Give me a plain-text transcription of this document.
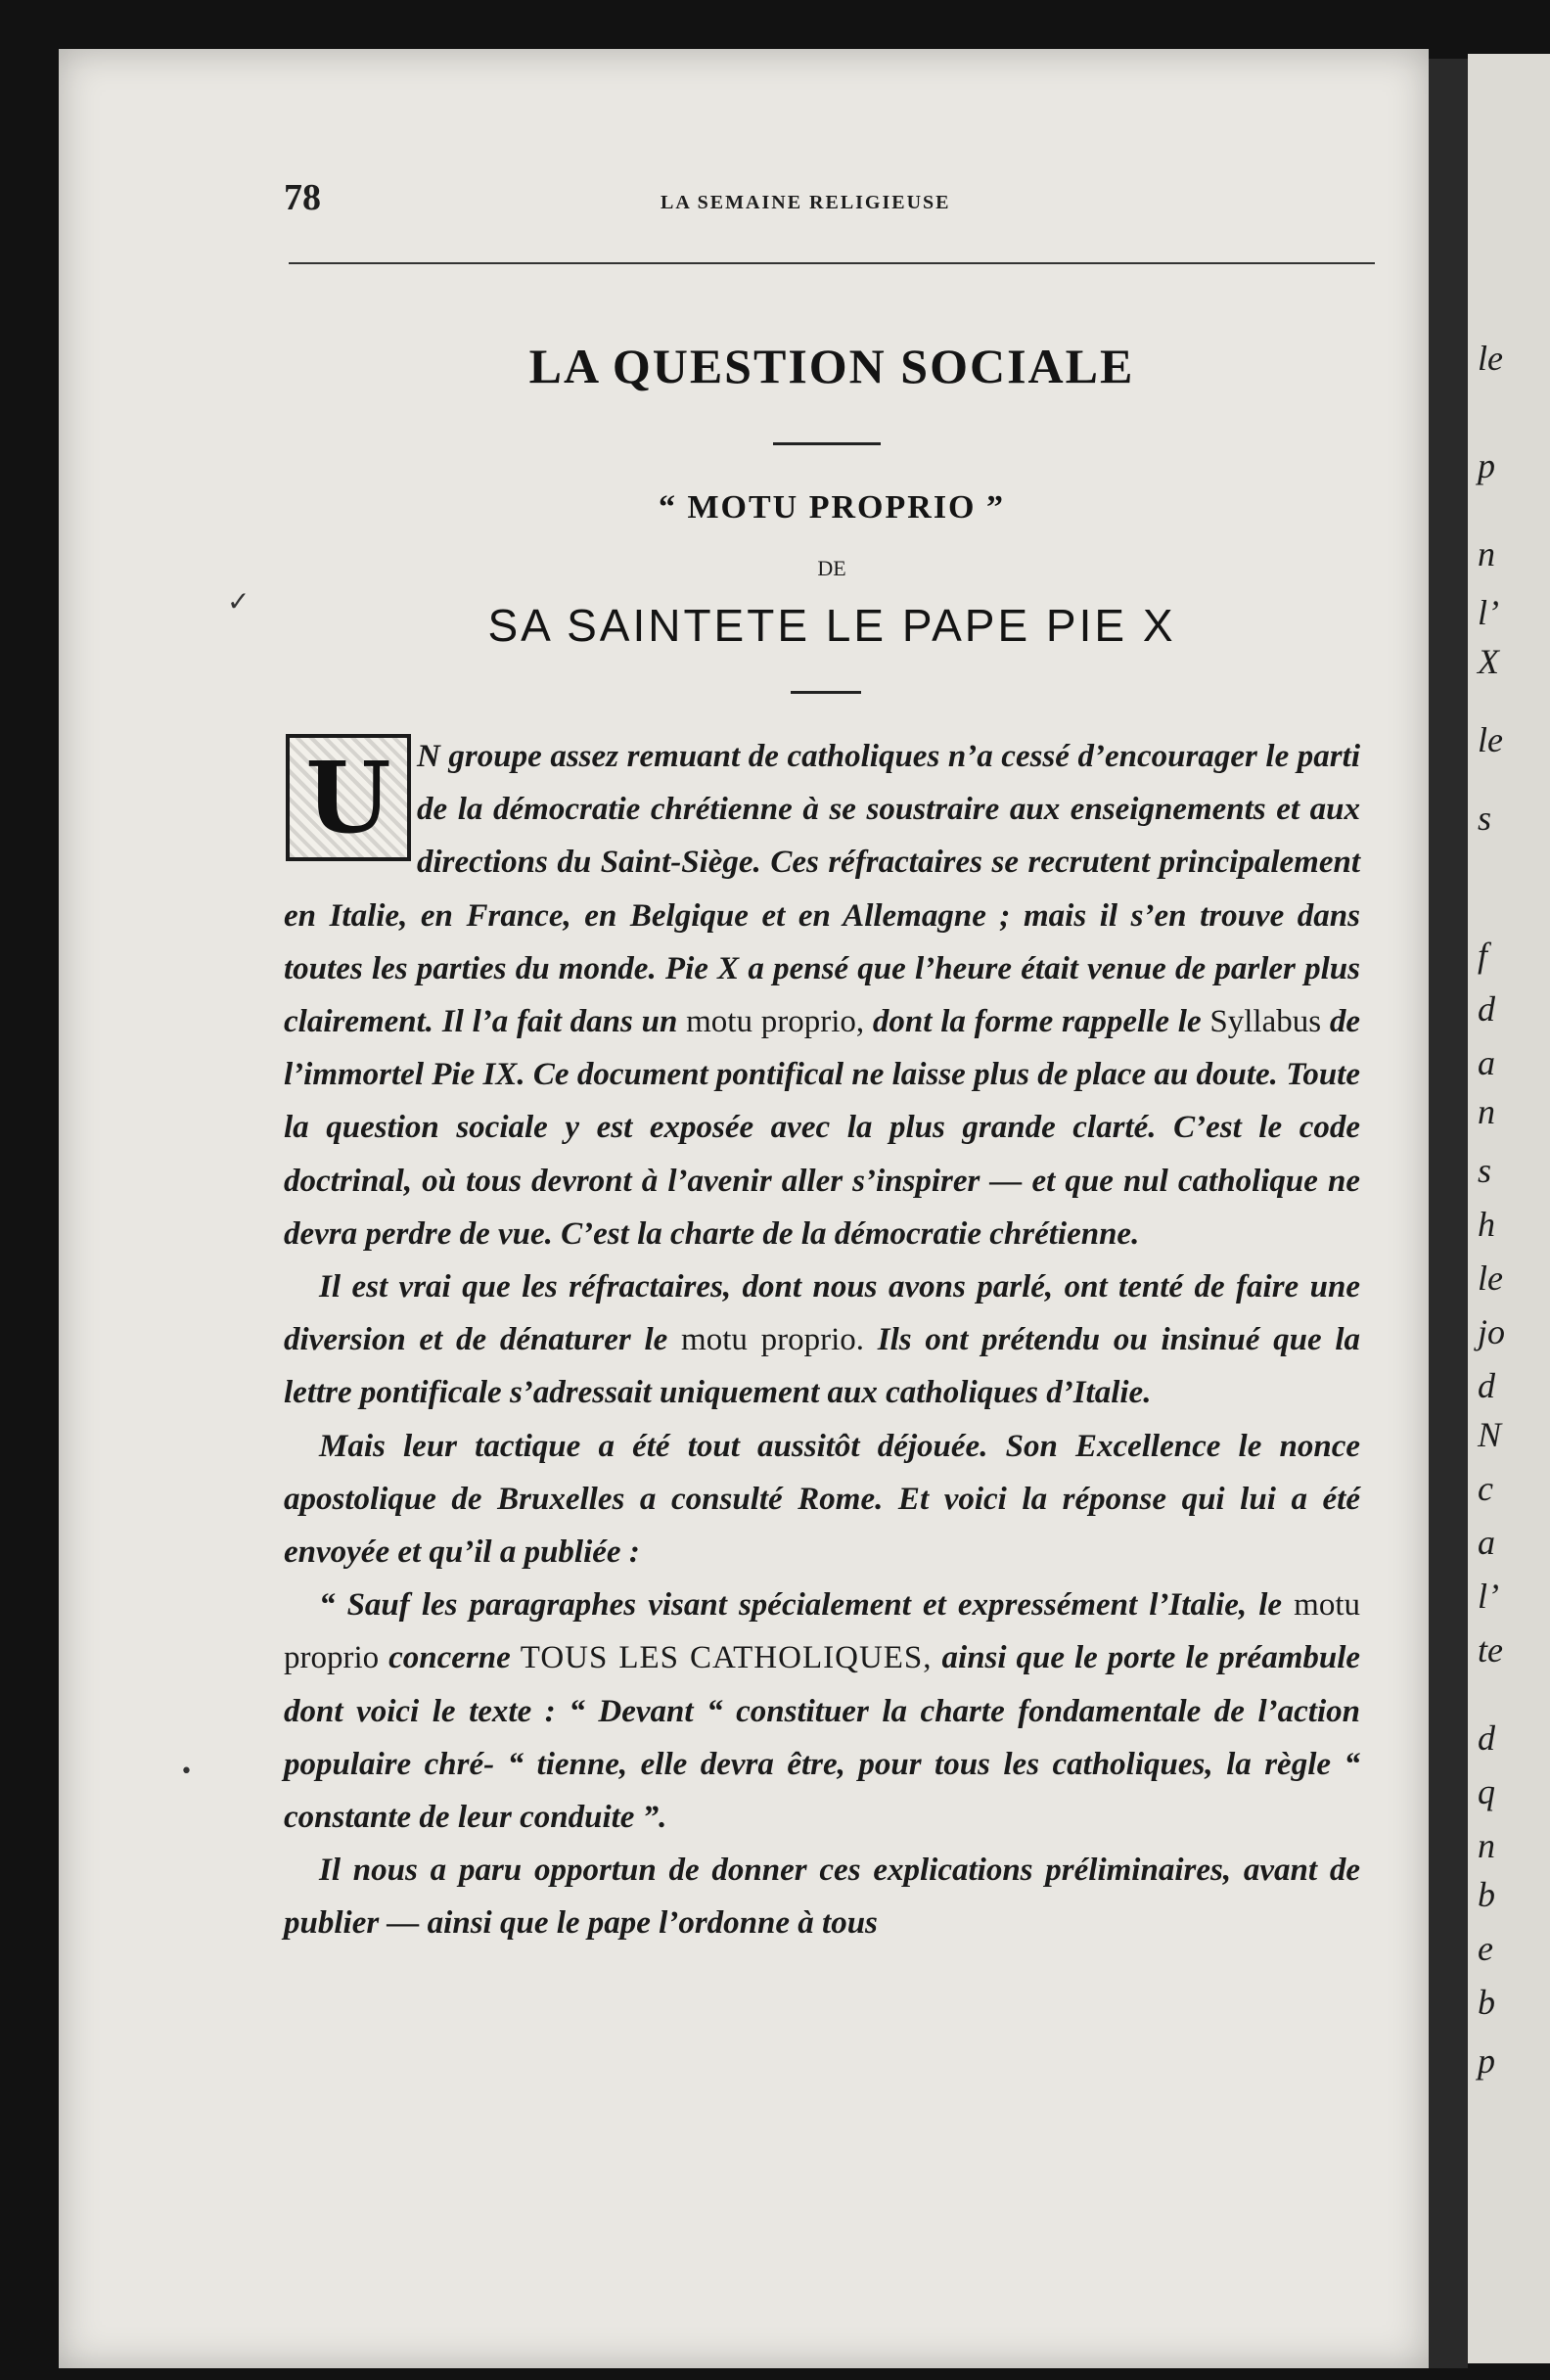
le
p
n
l’
X
le
s
f
d
a
n
s
h
le
jo
d
N
c
a
l’
te
d
q
n
b
e
b
p
78	LA SEMAINE RELIGIEUSE
LA QUESTION SOCIALE
“ MOTU PROPRIO ”
DE
SA SAINTETE LE PAPE PIE X
U N groupe assez remuant de catholiques n’a cessé d’encourager le parti de la démocratie chrétienne à se soustraire aux enseignements et aux directions du Saint-Siège. Ces réfractaires se recrutent principalement en Italie, en France, en Belgique et en Allemagne ; mais il s’en trouve dans toutes les parties du monde. Pie X a pensé que l’heure était venue de parler plus clairement. Il l’a fait dans un motu proprio, dont la forme rappelle le Syllabus de l’immortel Pie IX. Ce document pontifical ne laisse plus de place au doute. Toute la question sociale y est exposée avec la plus grande clarté. C’est le code doctrinal, où tous devront à l’avenir aller s’inspirer — et que nul catholique ne devra perdre de vue. C’est la charte de la démocratie chrétienne.

Il est vrai que les réfractaires, dont nous avons parlé, ont tenté de faire une diversion et de dénaturer le motu proprio. Ils ont prétendu ou insinué que la lettre pontificale s’adressait uniquement aux catholiques d’Italie.

Mais leur tactique a été tout aussitôt déjouée. Son Excellence le nonce apostolique de Bruxelles a consulté Rome. Et voici la réponse qui lui a été envoyée et qu’il a publiée :

“ Sauf les paragraphes visant spécialement et expressément l’Italie, le motu proprio concerne TOUS LES CATHOLIQUES, ainsi que le porte le préambule dont voici le texte : “ Devant “ constituer la charte fondamentale de l’action populaire chré- “ tienne, elle devra être, pour tous les catholiques, la règle “ constante de leur conduite ”.

Il nous a paru opportun de donner ces explications préliminaires, avant de publier — ainsi que le pape l’ordonne à tous

✓
•
